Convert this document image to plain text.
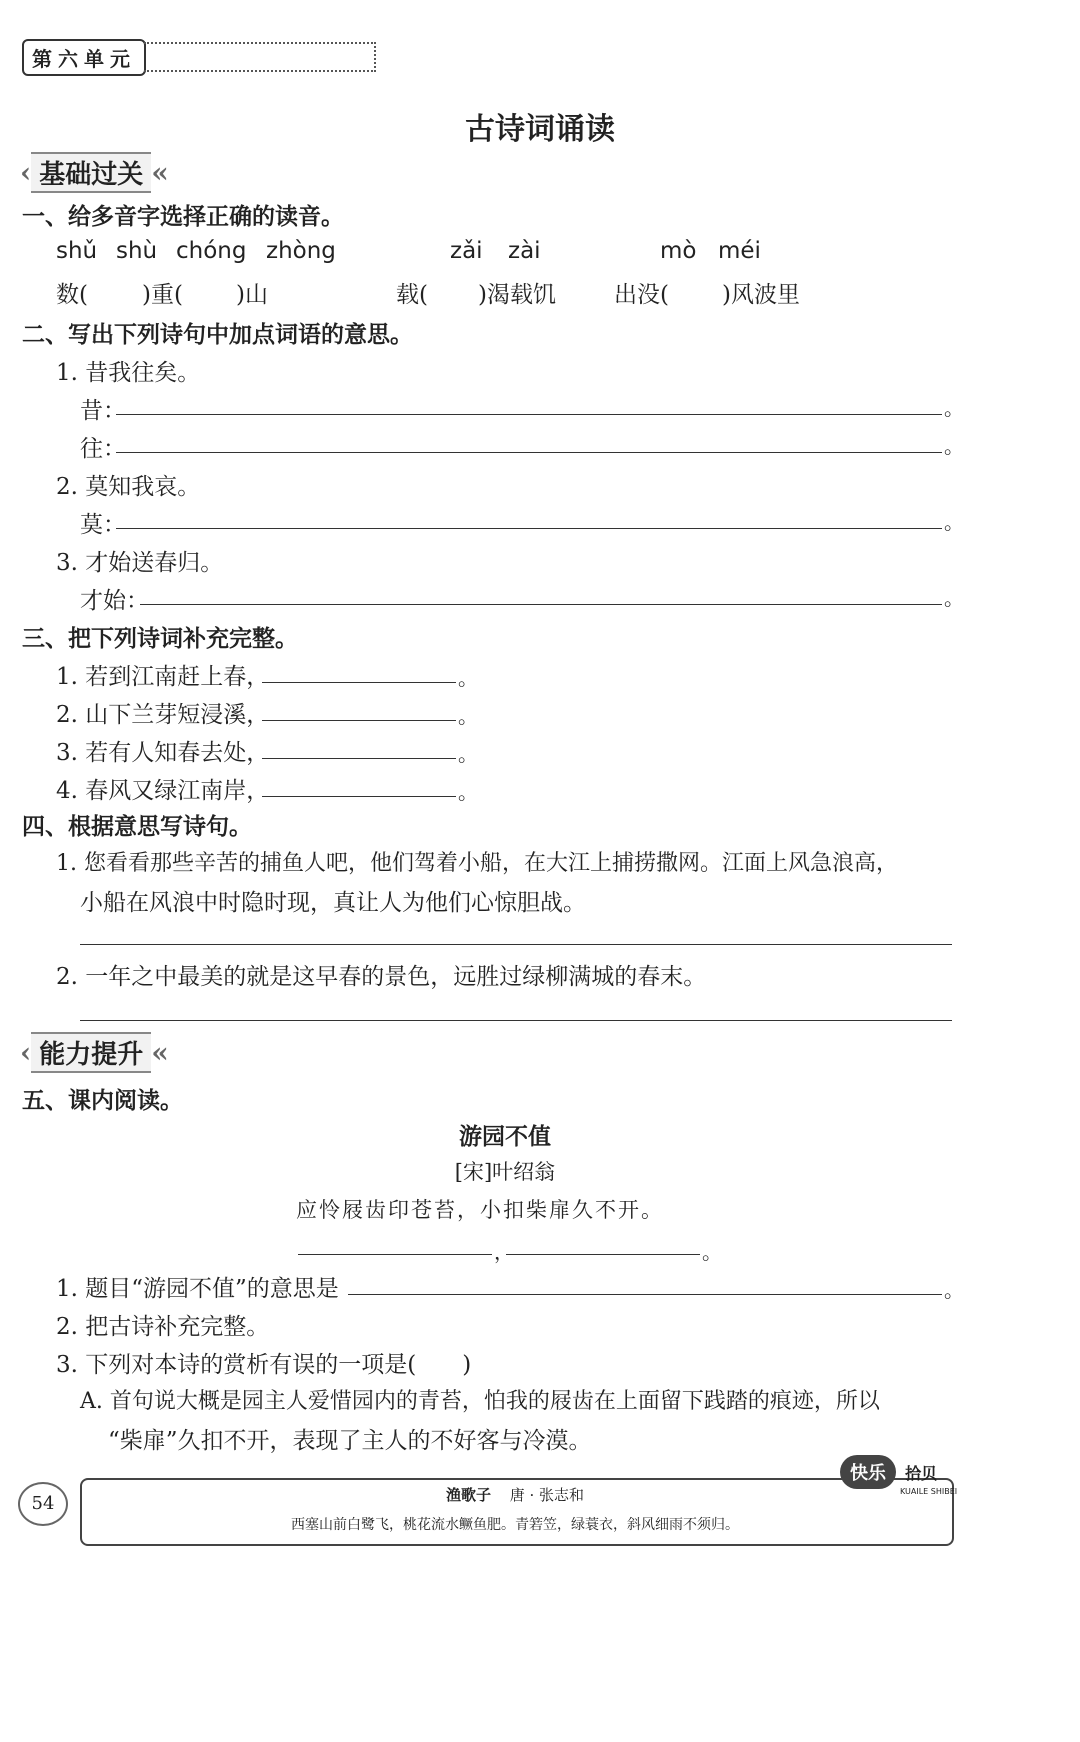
第六单元
古诗词诵读
‹ 基础过关 «
一、给多音字选择正确的读音。
shǔ shù chóng zhòng	zǎi zài	mò méi
数( )重( )山	载( )渴载饥	出没( )风波里
二、写出下列诗句中加点词语的意思。
1. 昔我往矣。
昔：	。
往：	。
2. 莫知我哀。
莫：	。
3. 才始送春归。
才始：	。
三、把下列诗词补充完整。
1. 若到江南赶上春，	。
2. 山下兰芽短浸溪，	。
3. 若有人知春去处，	。
4. 春风又绿江南岸，	。
四、根据意思写诗句。
1. 您看看那些辛苦的捕鱼人吧，他们驾着小船，在大江上捕捞撒网。江面上风急浪高，
小船在风浪中时隐时现，真让人为他们心惊胆战。
2. 一年之中最美的就是这早春的景色，远胜过绿柳满城的春末。
‹ 能力提升 «
五、课内阅读。
游园不值
[宋]叶绍翁
应怜屐齿印苍苔，小扣柴扉久不开。
，	。
1. 题目“游园不值”的意思是	。
2. 把古诗补充完整。
3. 下列对本诗的赏析有误的一项是(　　)
A. 首句说大概是园主人爱惜园内的青苔，怕我的屐齿在上面留下践踏的痕迹，所以
“柴扉”久扣不开，表现了主人的不好客与冷漠。
54	渔歌子 唐 · 张志和
西塞山前白鹭飞，桃花流水鳜鱼肥。青箬笠，绿蓑衣，斜风细雨不须归。
快乐 拾贝
KUAILE SHIBEI
